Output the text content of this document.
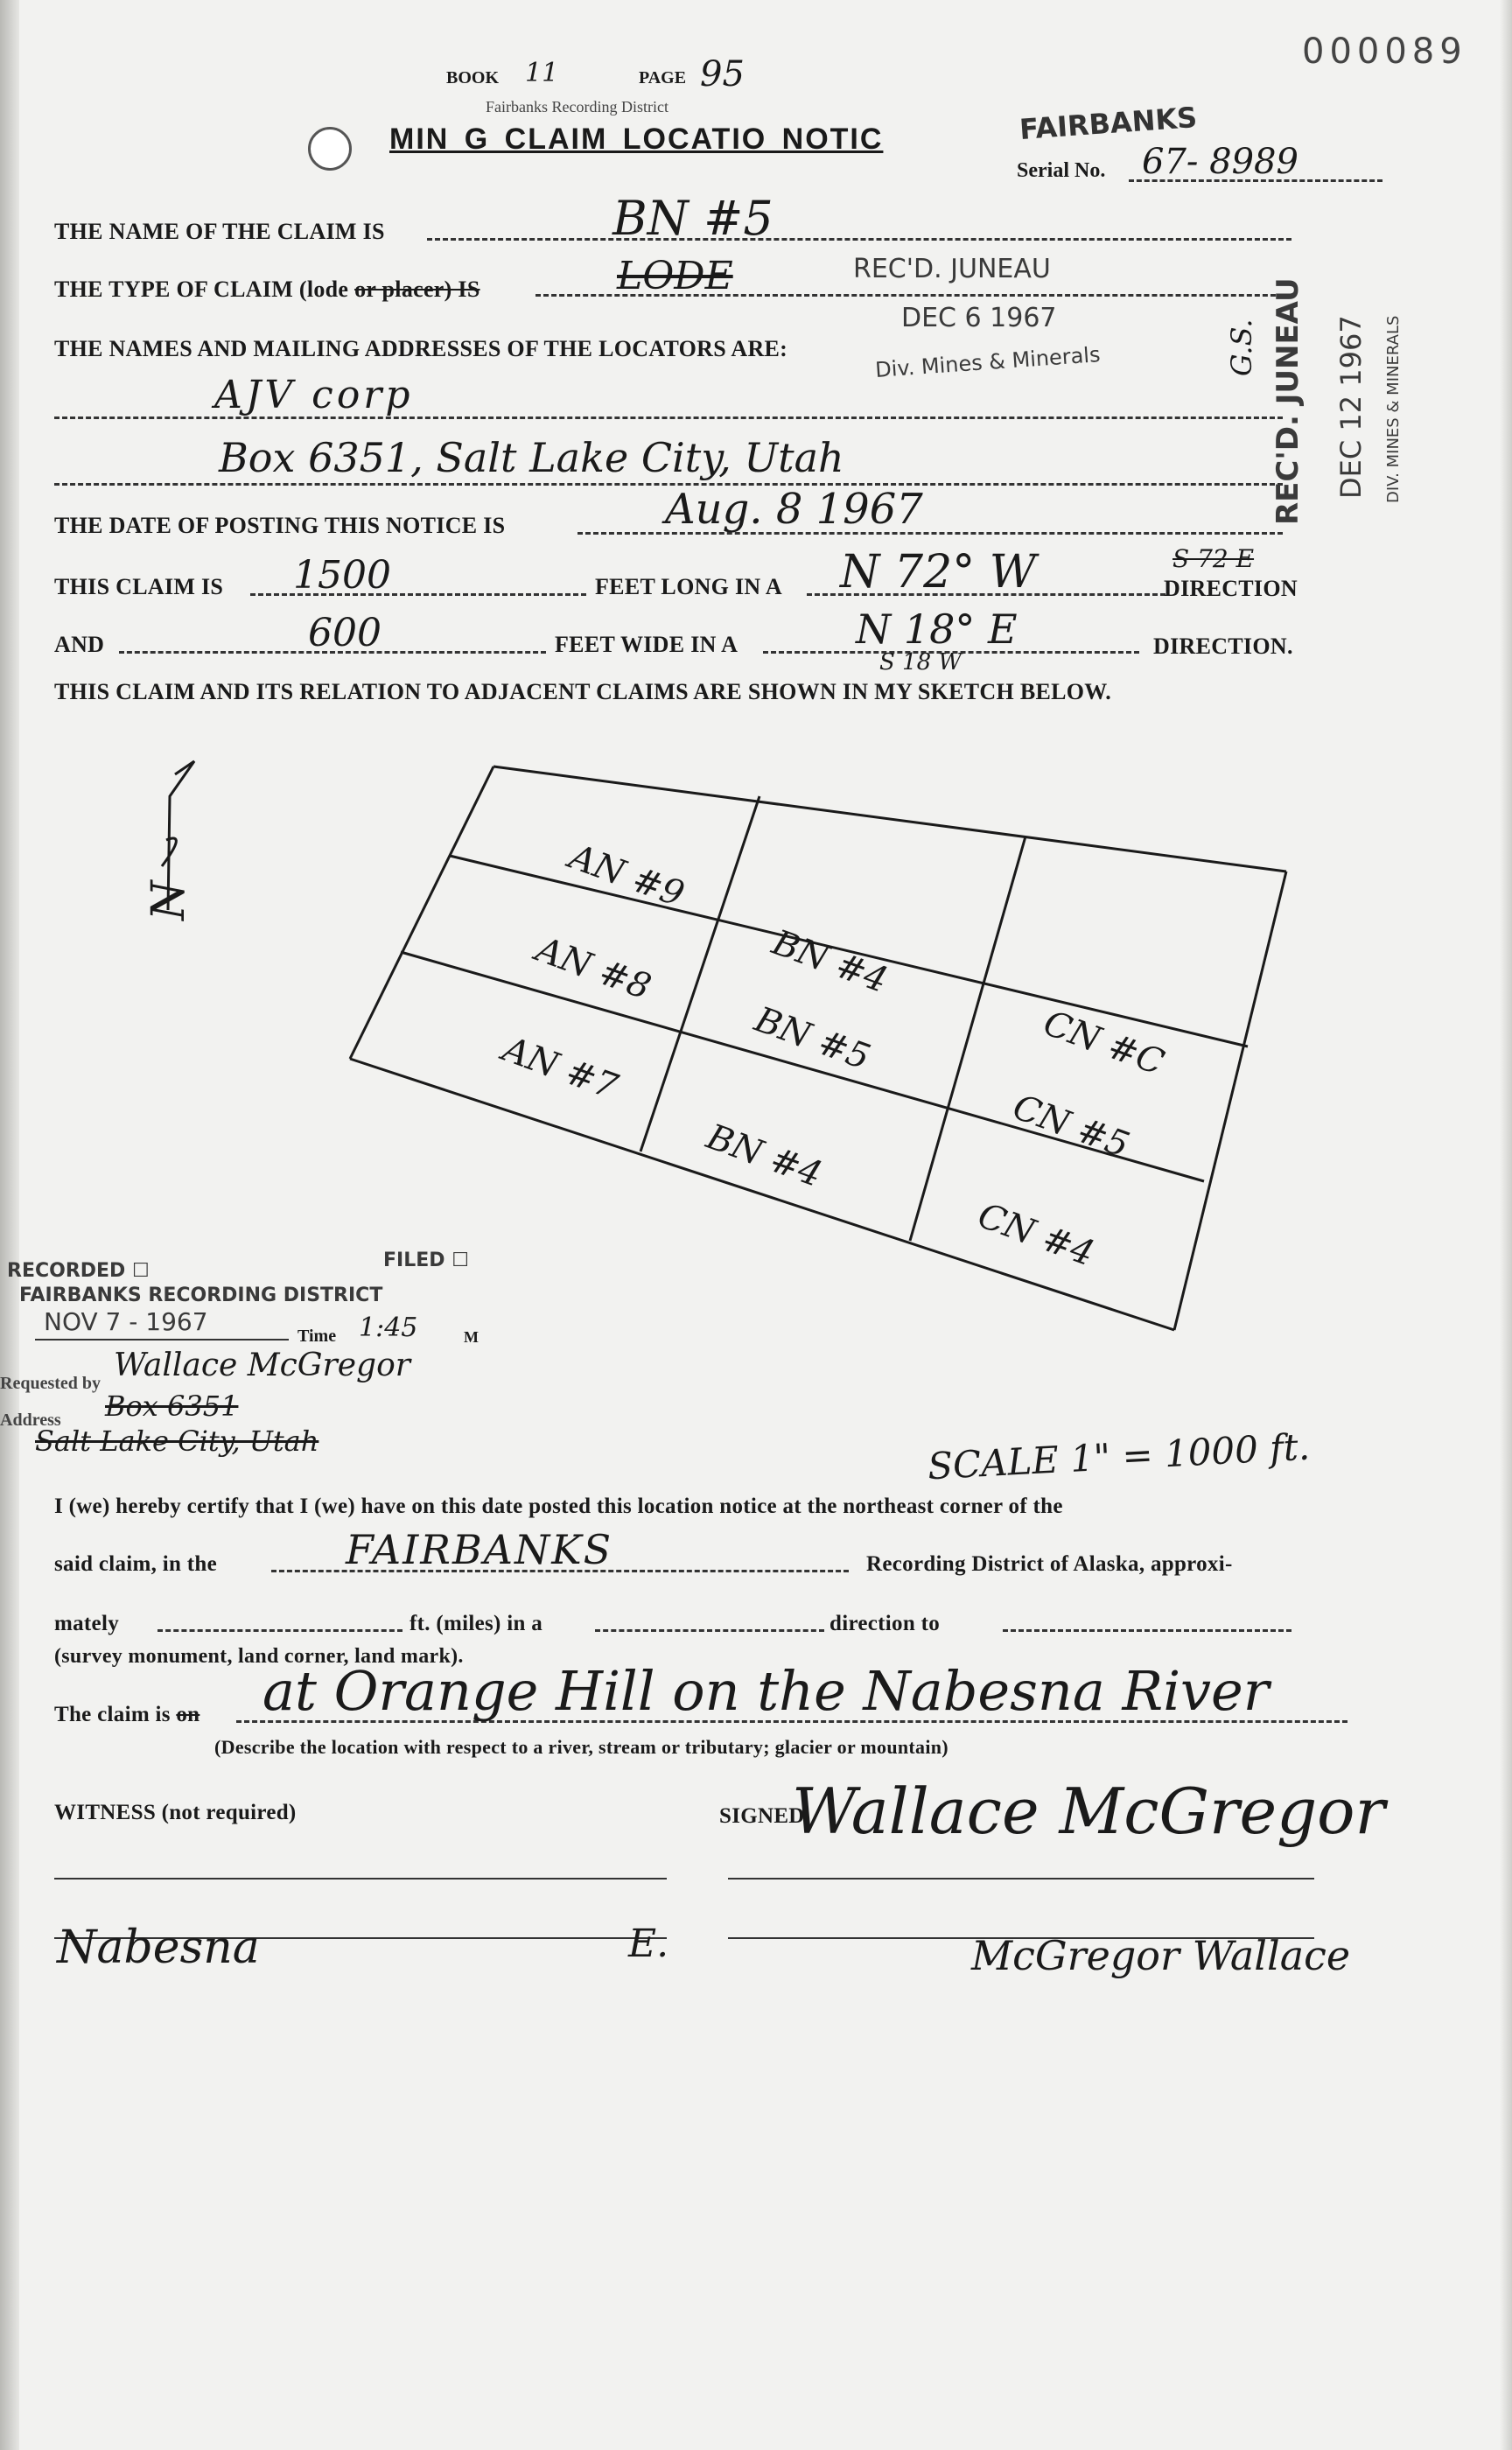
000089
BOOK 11	PAGE 95
Fairbanks Recording District
MIN G CLAIM LOCATIO NOTIC	FAIRBANKS
Serial No. 67- 8989
THE NAME OF THE CLAIM IS	BN #5
THE TYPE OF CLAIM (lode or placer) IS	LODE	REC'D. JUNEAU
DEC 6 1967
Div. Mines & Minerals
THE NAMES AND MAILING ADDRESSES OF THE LOCATORS ARE:
AJV corp
Box 6351, Salt Lake City, Utah
THE DATE OF POSTING THIS NOTICE IS	Aug. 8 1967
THIS CLAIM IS 1500	FEET LONG IN A N 72° W	S 72 E
DIRECTION
AND	600	FEET WIDE IN A	N 18° E
S 18 W
DIRECTION.
THIS CLAIM AND ITS RELATION TO ADJACENT CLAIMS ARE SHOWN IN MY SKETCH BELOW.
REC'D. JUNEAU DEC 12 1967 DIV. MINES & MINERALS
G.S.
N	AN #9
BN #4
CN #C
AN #8
BN #5
CN #5
AN #7
BN #4
CN #4
RECORDED ☐	FILED ☐
FAIRBANKS RECORDING DISTRICT
NOV 7 - 1967	Time 1:45	M
Requested by Wallace McGregor
Address Box 6351
Salt Lake City, Utah	SCALE 1" = 1000 ft.
I (we) hereby certify that I (we) have on this date posted this location notice at the northeast corner of the
said claim, in the	FAIRBANKS	Recording District of Alaska, approxi-
mately	ft. (miles) in a	direction to
(survey monument, land corner, land mark).
The claim is on at Orange Hill on the Nabesna River
(Describe the location with respect to a river, stream or tributary; glacier or mountain)
WITNESS (not required)	SIGNED
Wallace McGregor
Nabesna	E.	McGregor Wallace
